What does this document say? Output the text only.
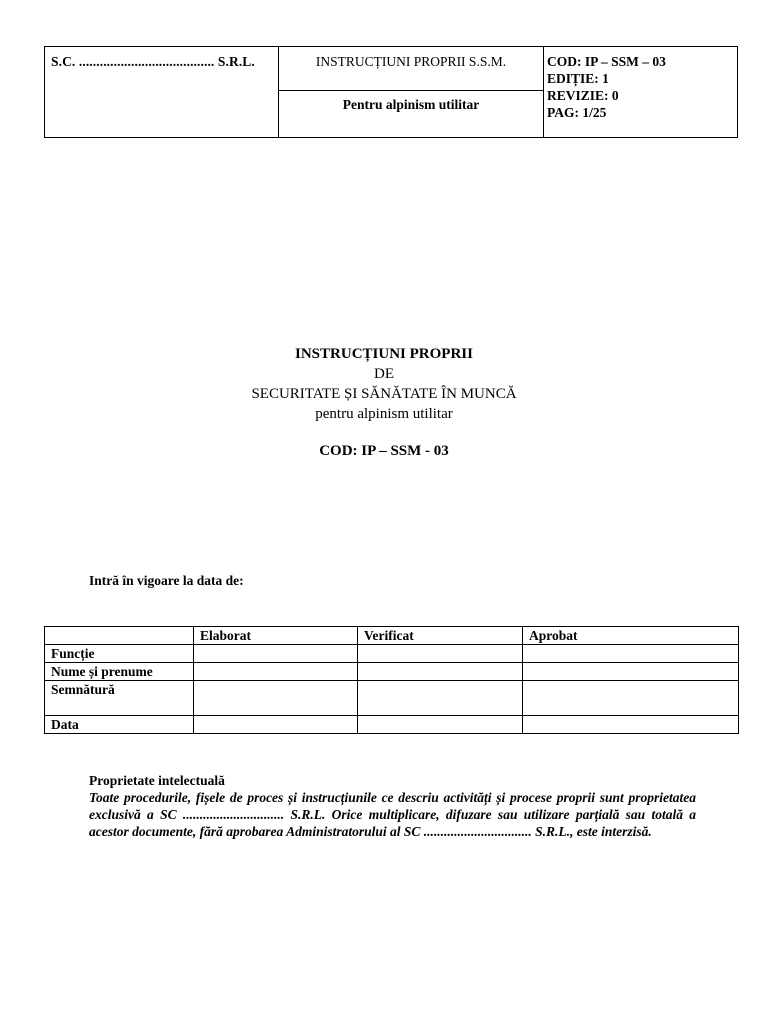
S.C. ....................................... S.R.L.	INSTRUCȚIUNI PROPRII S.S.M.
Pentru alpinism utilitar
COD: IP – SSM – 03
EDIȚIE: 1
REVIZIE: 0
PAG: 1/25
INSTRUCȚIUNI PROPRII
DE
SECURITATE ȘI SĂNĂTATE ÎN MUNCĂ
pentru alpinism utilitar
COD: IP – SSM - 03
Intră în vigoare la data de:
	Elaborat	Verificat	Aprobat
Funcție			
Nume și prenume			
Semnătură			
Data			
Proprietate intelectuală
Toate procedurile, fișele de proces și instrucțiunile ce descriu activități și procese proprii sunt proprietatea exclusivă a SC .............................. S.R.L. Orice multiplicare, difuzare sau utilizare parțială sau totală a acestor documente, fără aprobarea Administratorului al SC ................................ S.R.L., este interzisă.
